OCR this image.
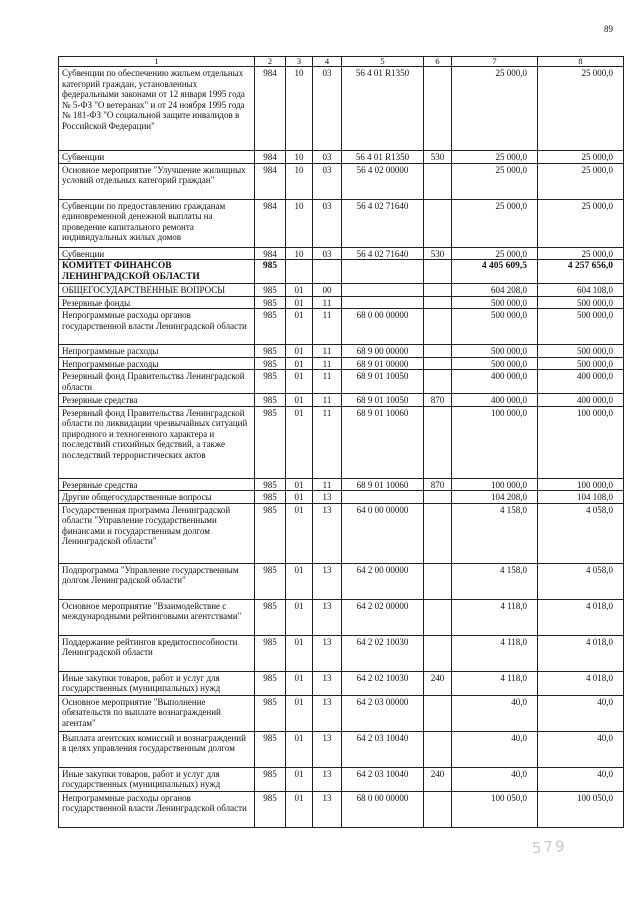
89
1	2	3	4	5	6	7	8
Субвенции по обеспечению жильем отдельных категорий граждан, установленных федеральными законами от 12 января 1995 года № 5-ФЗ "О ветеранах" и от 24 ноября 1995 года № 181-ФЗ "О социальной защите инвалидов в Российской Федерации"	984	10	03	56 4 01 R1350		25 000,0	25 000,0
Субвенции	984	10	03	56 4 01 R1350	530	25 000,0	25 000,0
Основное мероприятие "Улучшение жилищных условий отдельных категорий граждан"	984	10	03	56 4 02 00000		25 000,0	25 000,0
Субвенции по предоставлению гражданам единовременной денежной выплаты на проведение капитального ремонта индивидуальных жилых домов	984	10	03	56 4 02 71640		25 000,0	25 000,0
Субвенции	984	10	03	56 4 02 71640	530	25 000,0	25 000,0
КОМИТЕТ ФИНАНСОВ ЛЕНИНГРАДСКОЙ ОБЛАСТИ	985					4 405 609,5	4 257 656,0
ОБЩЕГОСУДАРСТВЕННЫЕ ВОПРОСЫ	985	01	00			604 208,0	604 108,0
Резервные фонды	985	01	11			500 000,0	500 000,0
Непрограммные расходы органов государственной власти Ленинградской области	985	01	11	68 0 00 00000		500 000,0	500 000,0
Непрограммные расходы	985	01	11	68 9 00 00000		500 000,0	500 000,0
Непрограммные расходы	985	01	11	68 9 01 00000		500 000,0	500 000,0
Резервный фонд Правительства Ленинградской области	985	01	11	68 9 01 10050		400 000,0	400 000,0
Резервные средства	985	01	11	68 9 01 10050	870	400 000,0	400 000,0
Резервный фонд Правительства Ленинградской области по ликвидации чрезвычайных ситуаций природного и техногенного характера и последствий стихийных бедствий, а также последствий террористических актов	985	01	11	68 9 01 10060		100 000,0	100 000,0
Резервные средства	985	01	11	68 9 01 10060	870	100 000,0	100 000,0
Другие общегосударственные вопросы	985	01	13			104 208,0	104 108,0
Государственная программа Ленинградской области "Управление государственными финансами и государственным долгом Ленинградской области"	985	01	13	64 0 00 00000		4 158,0	4 058,0
Подпрограмма "Управление государственным долгом Ленинградской области"	985	01	13	64 2 00 00000		4 158,0	4 058,0
Основное мероприятие "Взаимодействие с международными рейтинговыми агентствами"	985	01	13	64 2 02 00000		4 118,0	4 018,0
Поддержание рейтингов кредитоспособности Ленинградской области	985	01	13	64 2 02 10030		4 118,0	4 018,0
Иные закупки товаров, работ и услуг для государственных (муниципальных) нужд	985	01	13	64 2 02 10030	240	4 118,0	4 018,0
Основное мероприятие "Выполнение обязательств по выплате вознаграждений агентам"	985	01	13	64 2 03 00000		40,0	40,0
Выплата агентских комиссий и вознаграждений в целях управления государственным долгом	985	01	13	64 2 03 10040		40,0	40,0
Иные закупки товаров, работ и услуг для государственных (муниципальных) нужд	985	01	13	64 2 03 10040	240	40,0	40,0
Непрограммные расходы органов государственной власти Ленинградской области	985	01	13	68 0 00 00000		100 050,0	100 050,0
579
